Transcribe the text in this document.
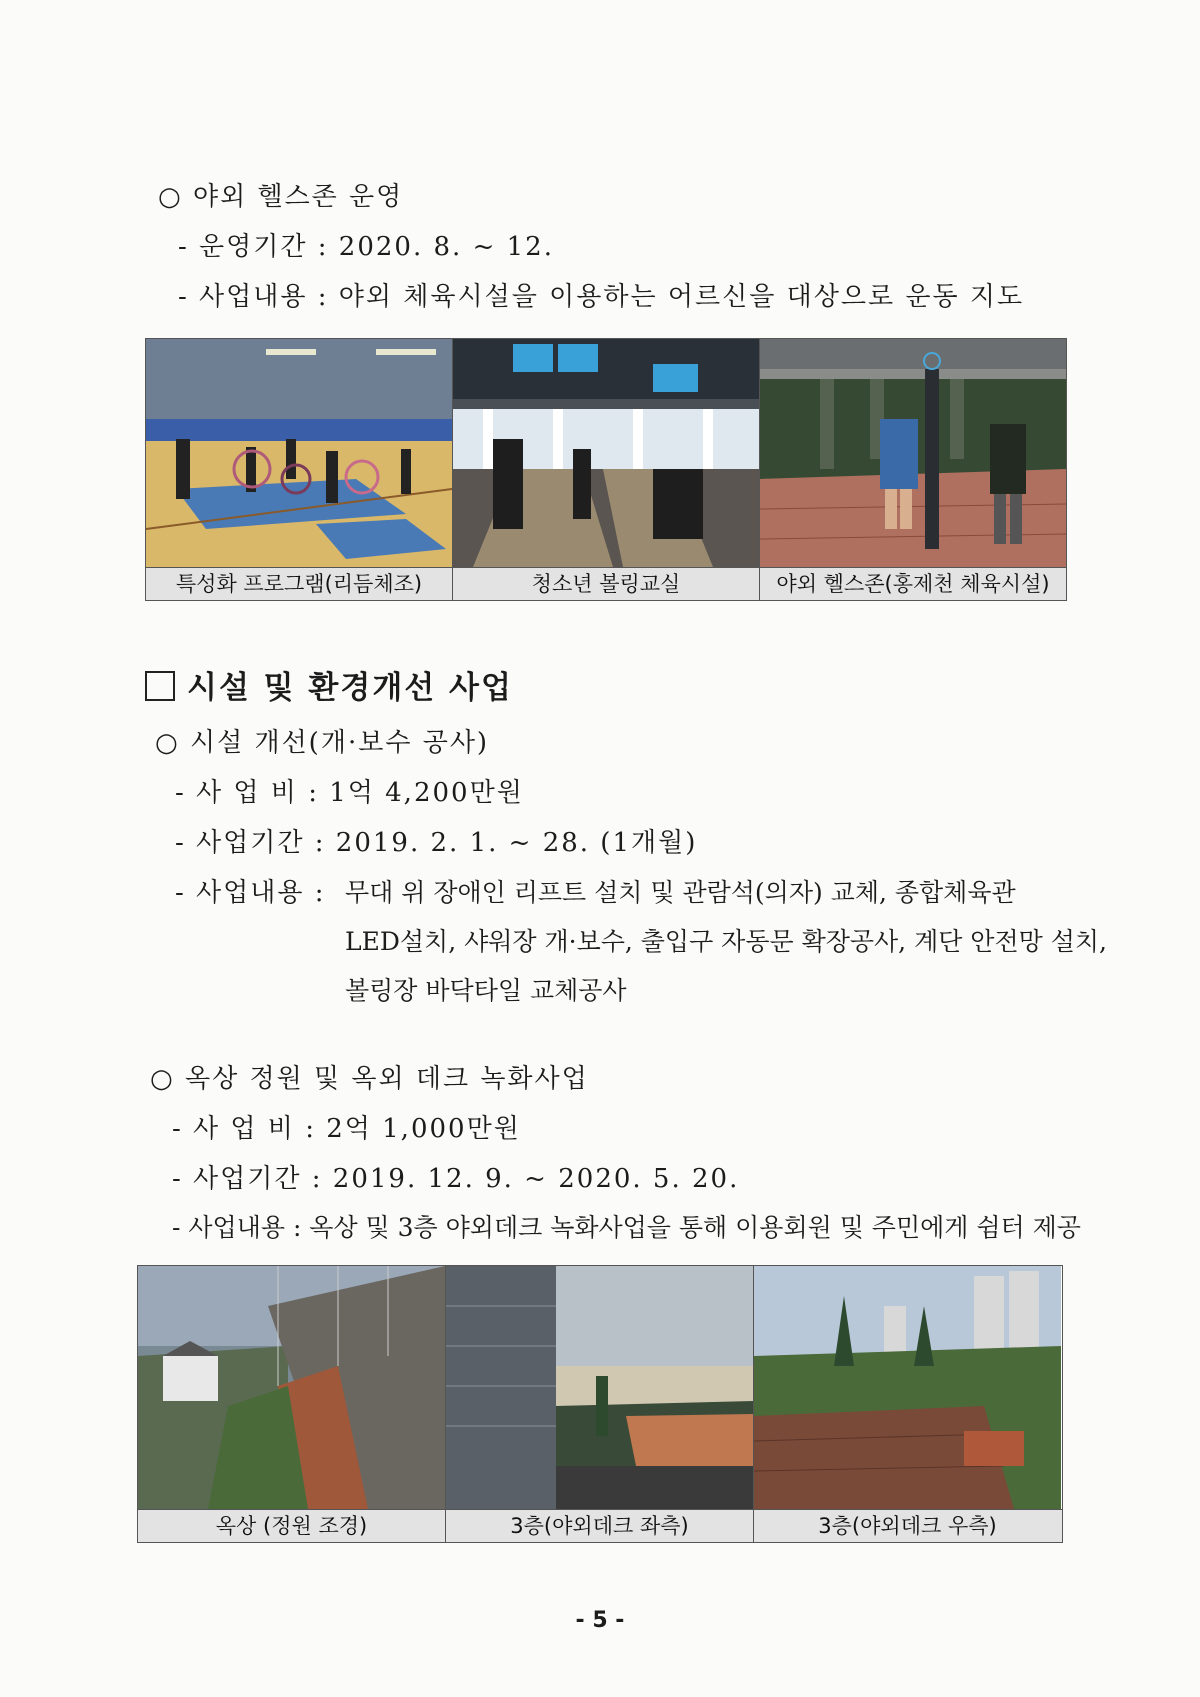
○ 야외 헬스존 운영
- 운영기간 : 2020. 8. ~ 12.
- 사업내용 : 야외 체육시설을 이용하는 어르신을 대상으로 운동 지도
특성화 프로그램(리듬체조)	청소년 볼링교실	야외 헬스존(홍제천 체육시설)
시설 및 환경개선 사업
○ 시설 개선(개·보수 공사)
- 사 업 비 : 1억 4,200만원
- 사업기간 : 2019. 2. 1. ~ 28. (1개월)
- 사업내용 : 무대 위 장애인 리프트 설치 및 관람석(의자) 교체, 종합체육관
LED설치, 샤워장 개·보수, 출입구 자동문 확장공사, 계단 안전망 설치,
볼링장 바닥타일 교체공사
○ 옥상 정원 및 옥외 데크 녹화사업
- 사 업 비 : 2억 1,000만원
- 사업기간 : 2019. 12. 9. ~ 2020. 5. 20.
- 사업내용 : 옥상 및 3층 야외데크 녹화사업을 통해 이용회원 및 주민에게 쉼터 제공
옥상 (정원 조경)	3층(야외데크 좌측)	3층(야외데크 우측)
- 5 -
